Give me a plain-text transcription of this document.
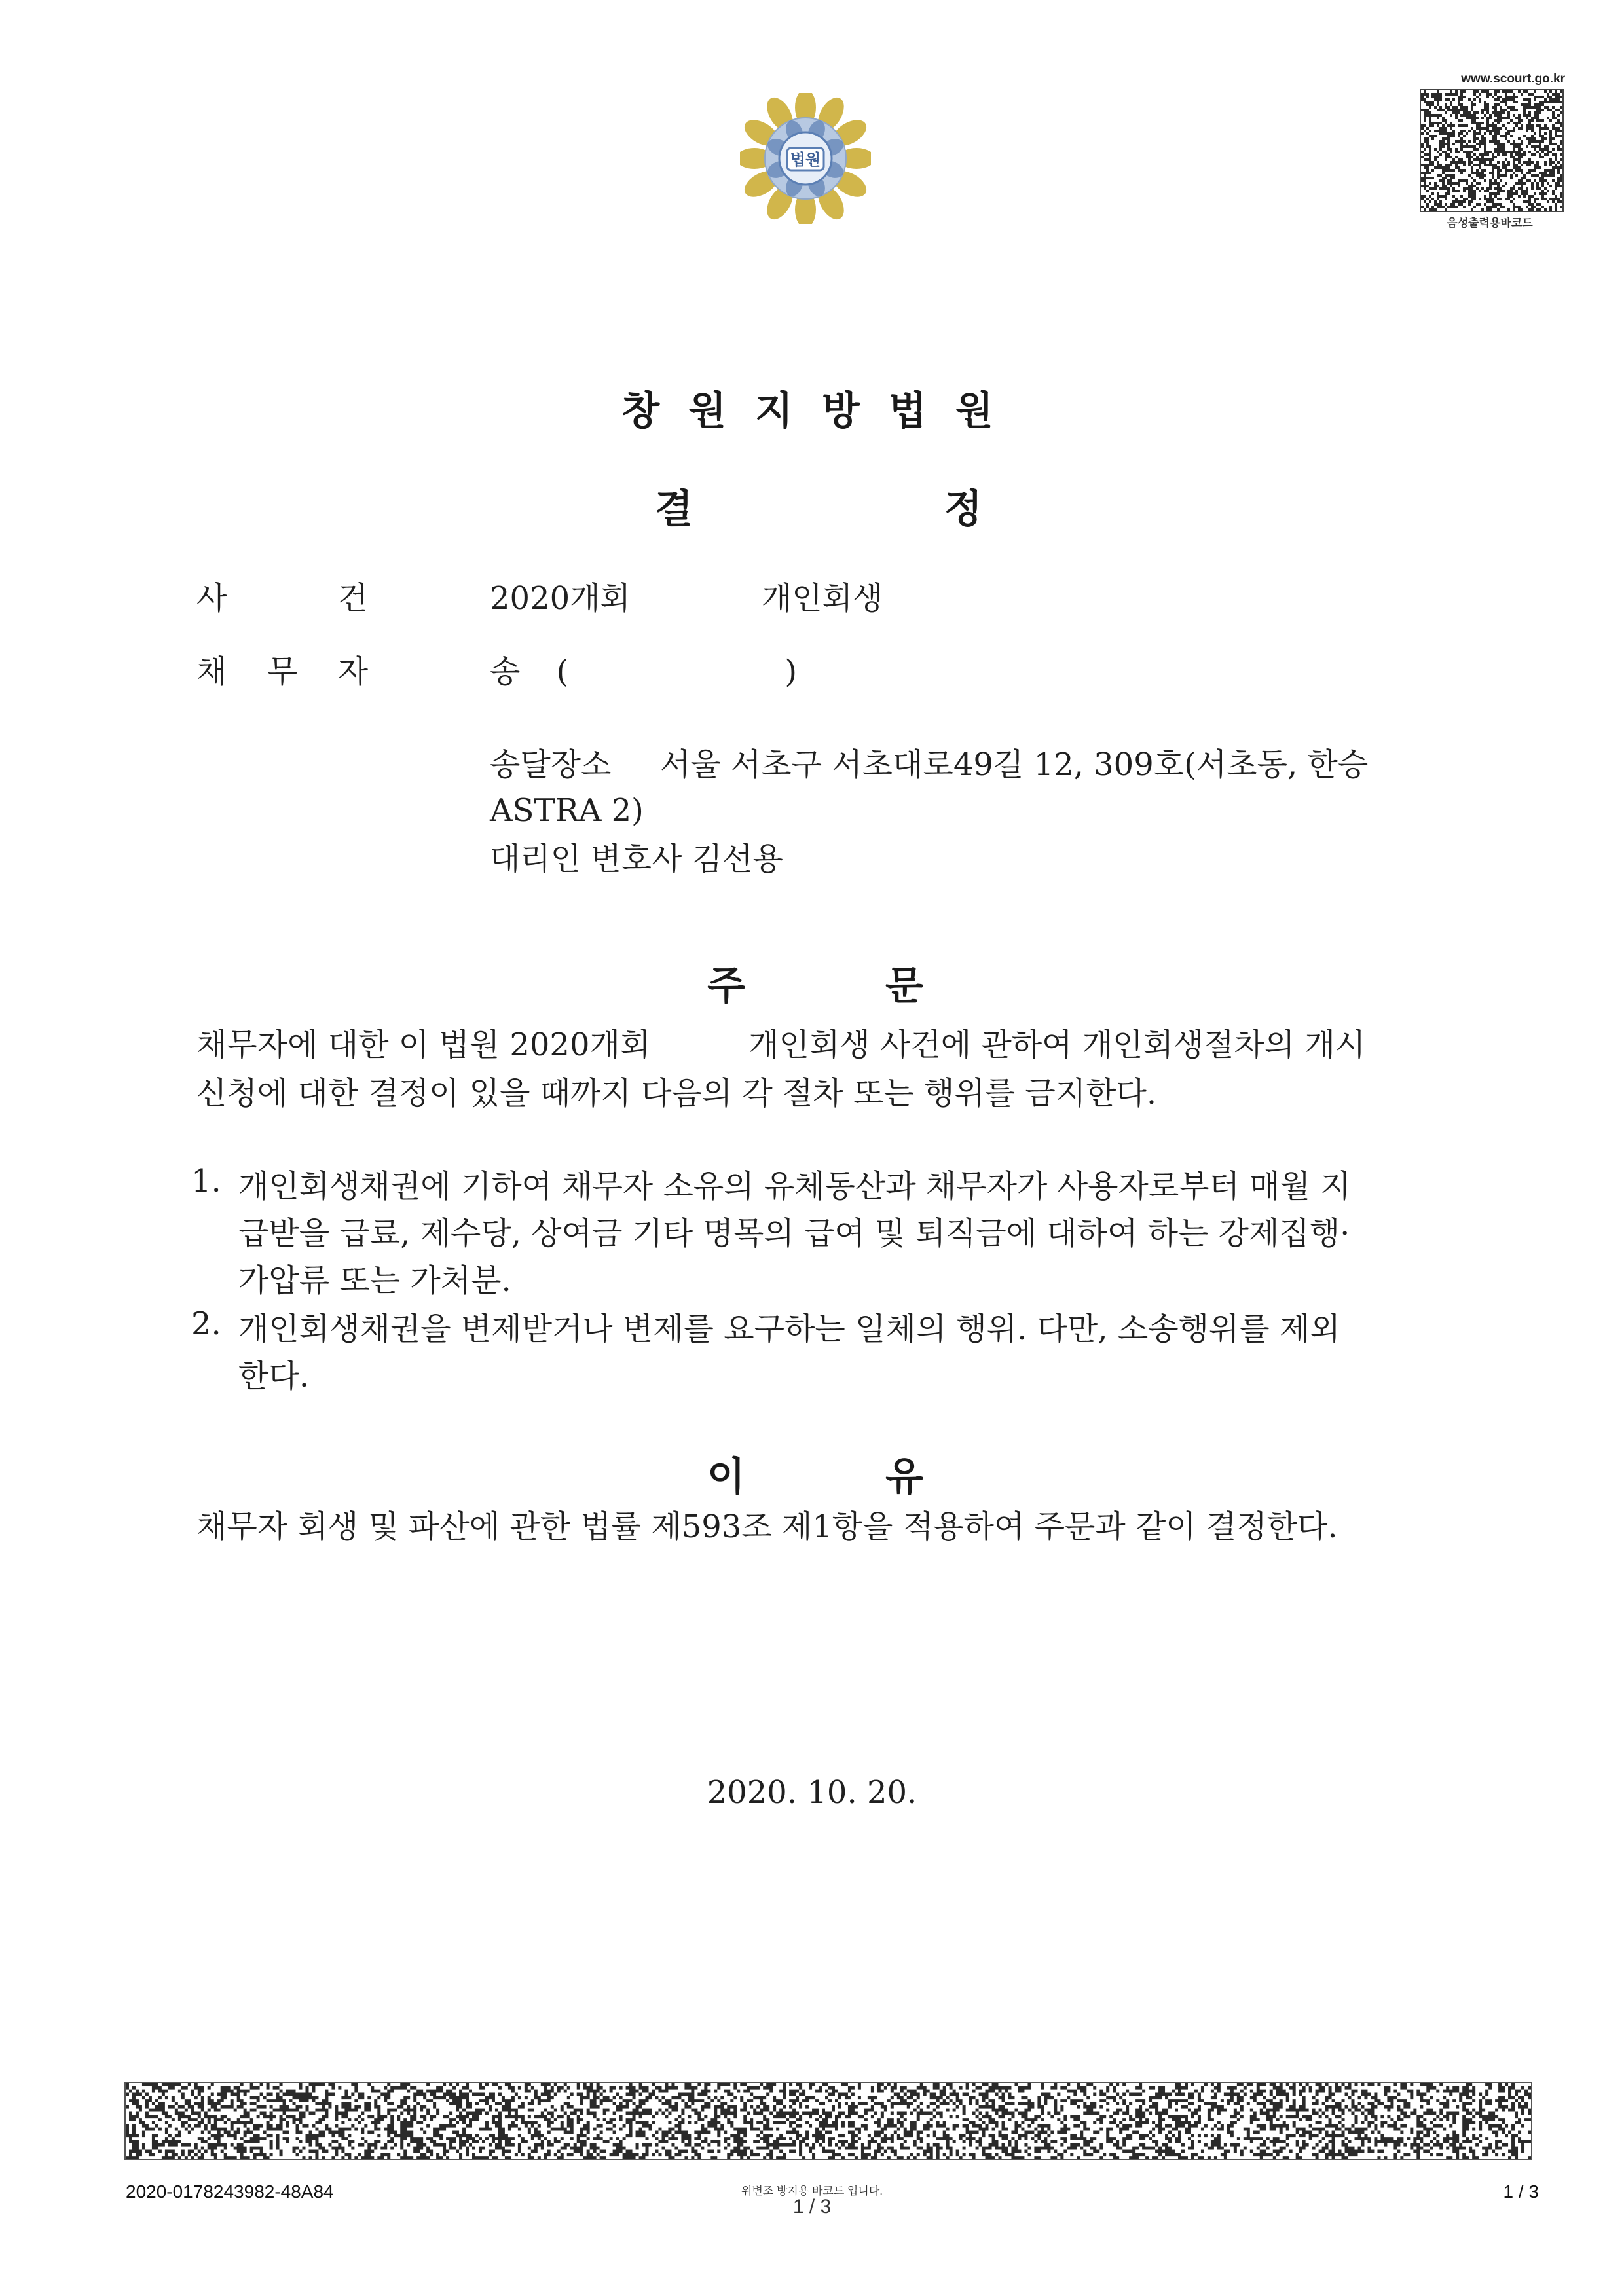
법원
www.scourt.go.kr
음성출력용바코드
창원지방법원
결	정
사	건	2020개회	개인회생
채 무 자	송 (	)
송달장소 서울 서초구 서초대로49길 12, 309호(서초동, 한승
ASTRA 2)
대리인 변호사 김선용
주	문
채무자에 대한 이 법원 2020개회	개인회생 사건에 관하여 개인회생절차의 개시
신청에 대한 결정이 있을 때까지 다음의 각 절차 또는 행위를 금지한다.
1. 개인회생채권에 기하여 채무자 소유의 유체동산과 채무자가 사용자로부터 매월 지
급받을 급료, 제수당, 상여금 기타 명목의 급여 및 퇴직금에 대하여 하는 강제집행·
가압류 또는 가처분.
2. 개인회생채권을 변제받거나 변제를 요구하는 일체의 행위. 다만, 소송행위를 제외
한다.
이	유
채무자 회생 및 파산에 관한 법률 제593조 제1항을 적용하여 주문과 같이 결정한다.
2020. 10. 20.
2020-0178243982-48A84	위변조 방지용 바코드 입니다.	1 / 3
1 / 3
